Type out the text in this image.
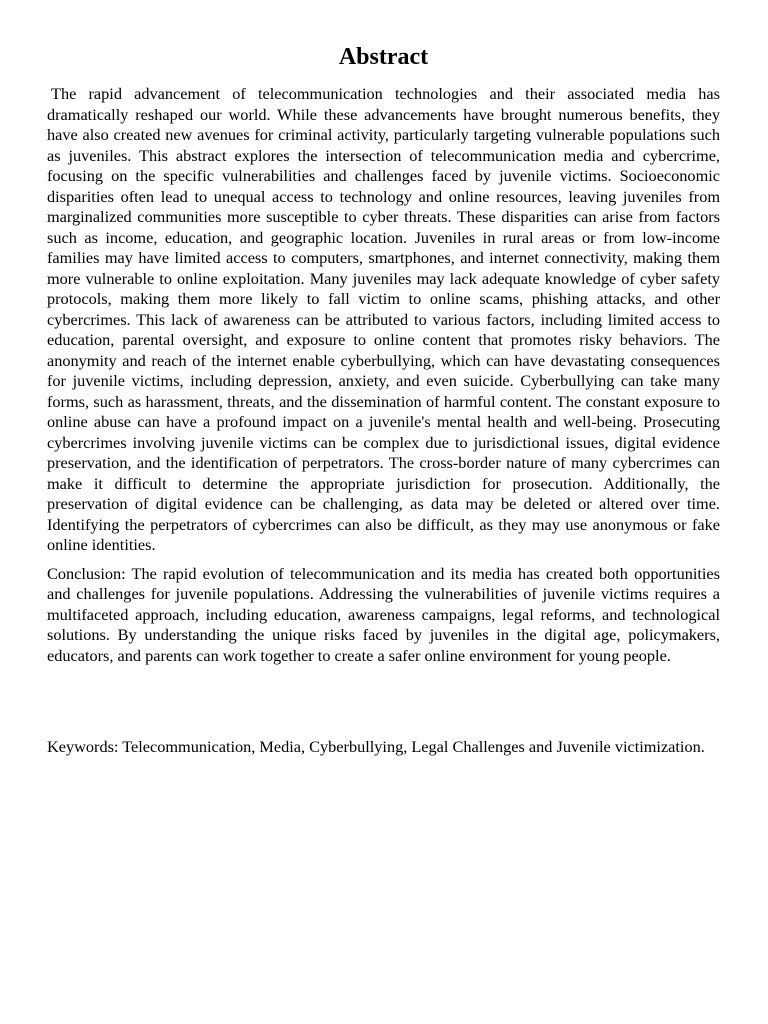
Abstract

The rapid advancement of telecommunication technologies and their associated media has dramatically reshaped our world. While these advancements have brought numerous benefits, they have also created new avenues for criminal activity, particularly targeting vulnerable populations such as juveniles. This abstract explores the intersection of telecommunication media and cybercrime, focusing on the specific vulnerabilities and challenges faced by juvenile victims. Socioeconomic disparities often lead to unequal access to technology and online resources, leaving juveniles from marginalized communities more susceptible to cyber threats. These disparities can arise from factors such as income, education, and geographic location. Juveniles in rural areas or from low-income families may have limited access to computers, smartphones, and internet connectivity, making them more vulnerable to online exploitation. Many juveniles may lack adequate knowledge of cyber safety protocols, making them more likely to fall victim to online scams, phishing attacks, and other cybercrimes. This lack of awareness can be attributed to various factors, including limited access to education, parental oversight, and exposure to online content that promotes risky behaviors. The anonymity and reach of the internet enable cyberbullying, which can have devastating consequences for juvenile victims, including depression, anxiety, and even suicide. Cyberbullying can take many forms, such as harassment, threats, and the dissemination of harmful content. The constant exposure to online abuse can have a profound impact on a juvenile's mental health and well-being. Prosecuting cybercrimes involving juvenile victims can be complex due to jurisdictional issues, digital evidence preservation, and the identification of perpetrators. The cross-border nature of many cybercrimes can make it difficult to determine the appropriate jurisdiction for prosecution. Additionally, the preservation of digital evidence can be challenging, as data may be deleted or altered over time. Identifying the perpetrators of cybercrimes can also be difficult, as they may use anonymous or fake online identities.

Conclusion: The rapid evolution of telecommunication and its media has created both opportunities and challenges for juvenile populations. Addressing the vulnerabilities of juvenile victims requires a multifaceted approach, including education, awareness campaigns, legal reforms, and technological solutions. By understanding the unique risks faced by juveniles in the digital age, policymakers, educators, and parents can work together to create a safer online environment for young people.

Keywords: Telecommunication, Media, Cyberbullying, Legal Challenges and Juvenile victimization.
